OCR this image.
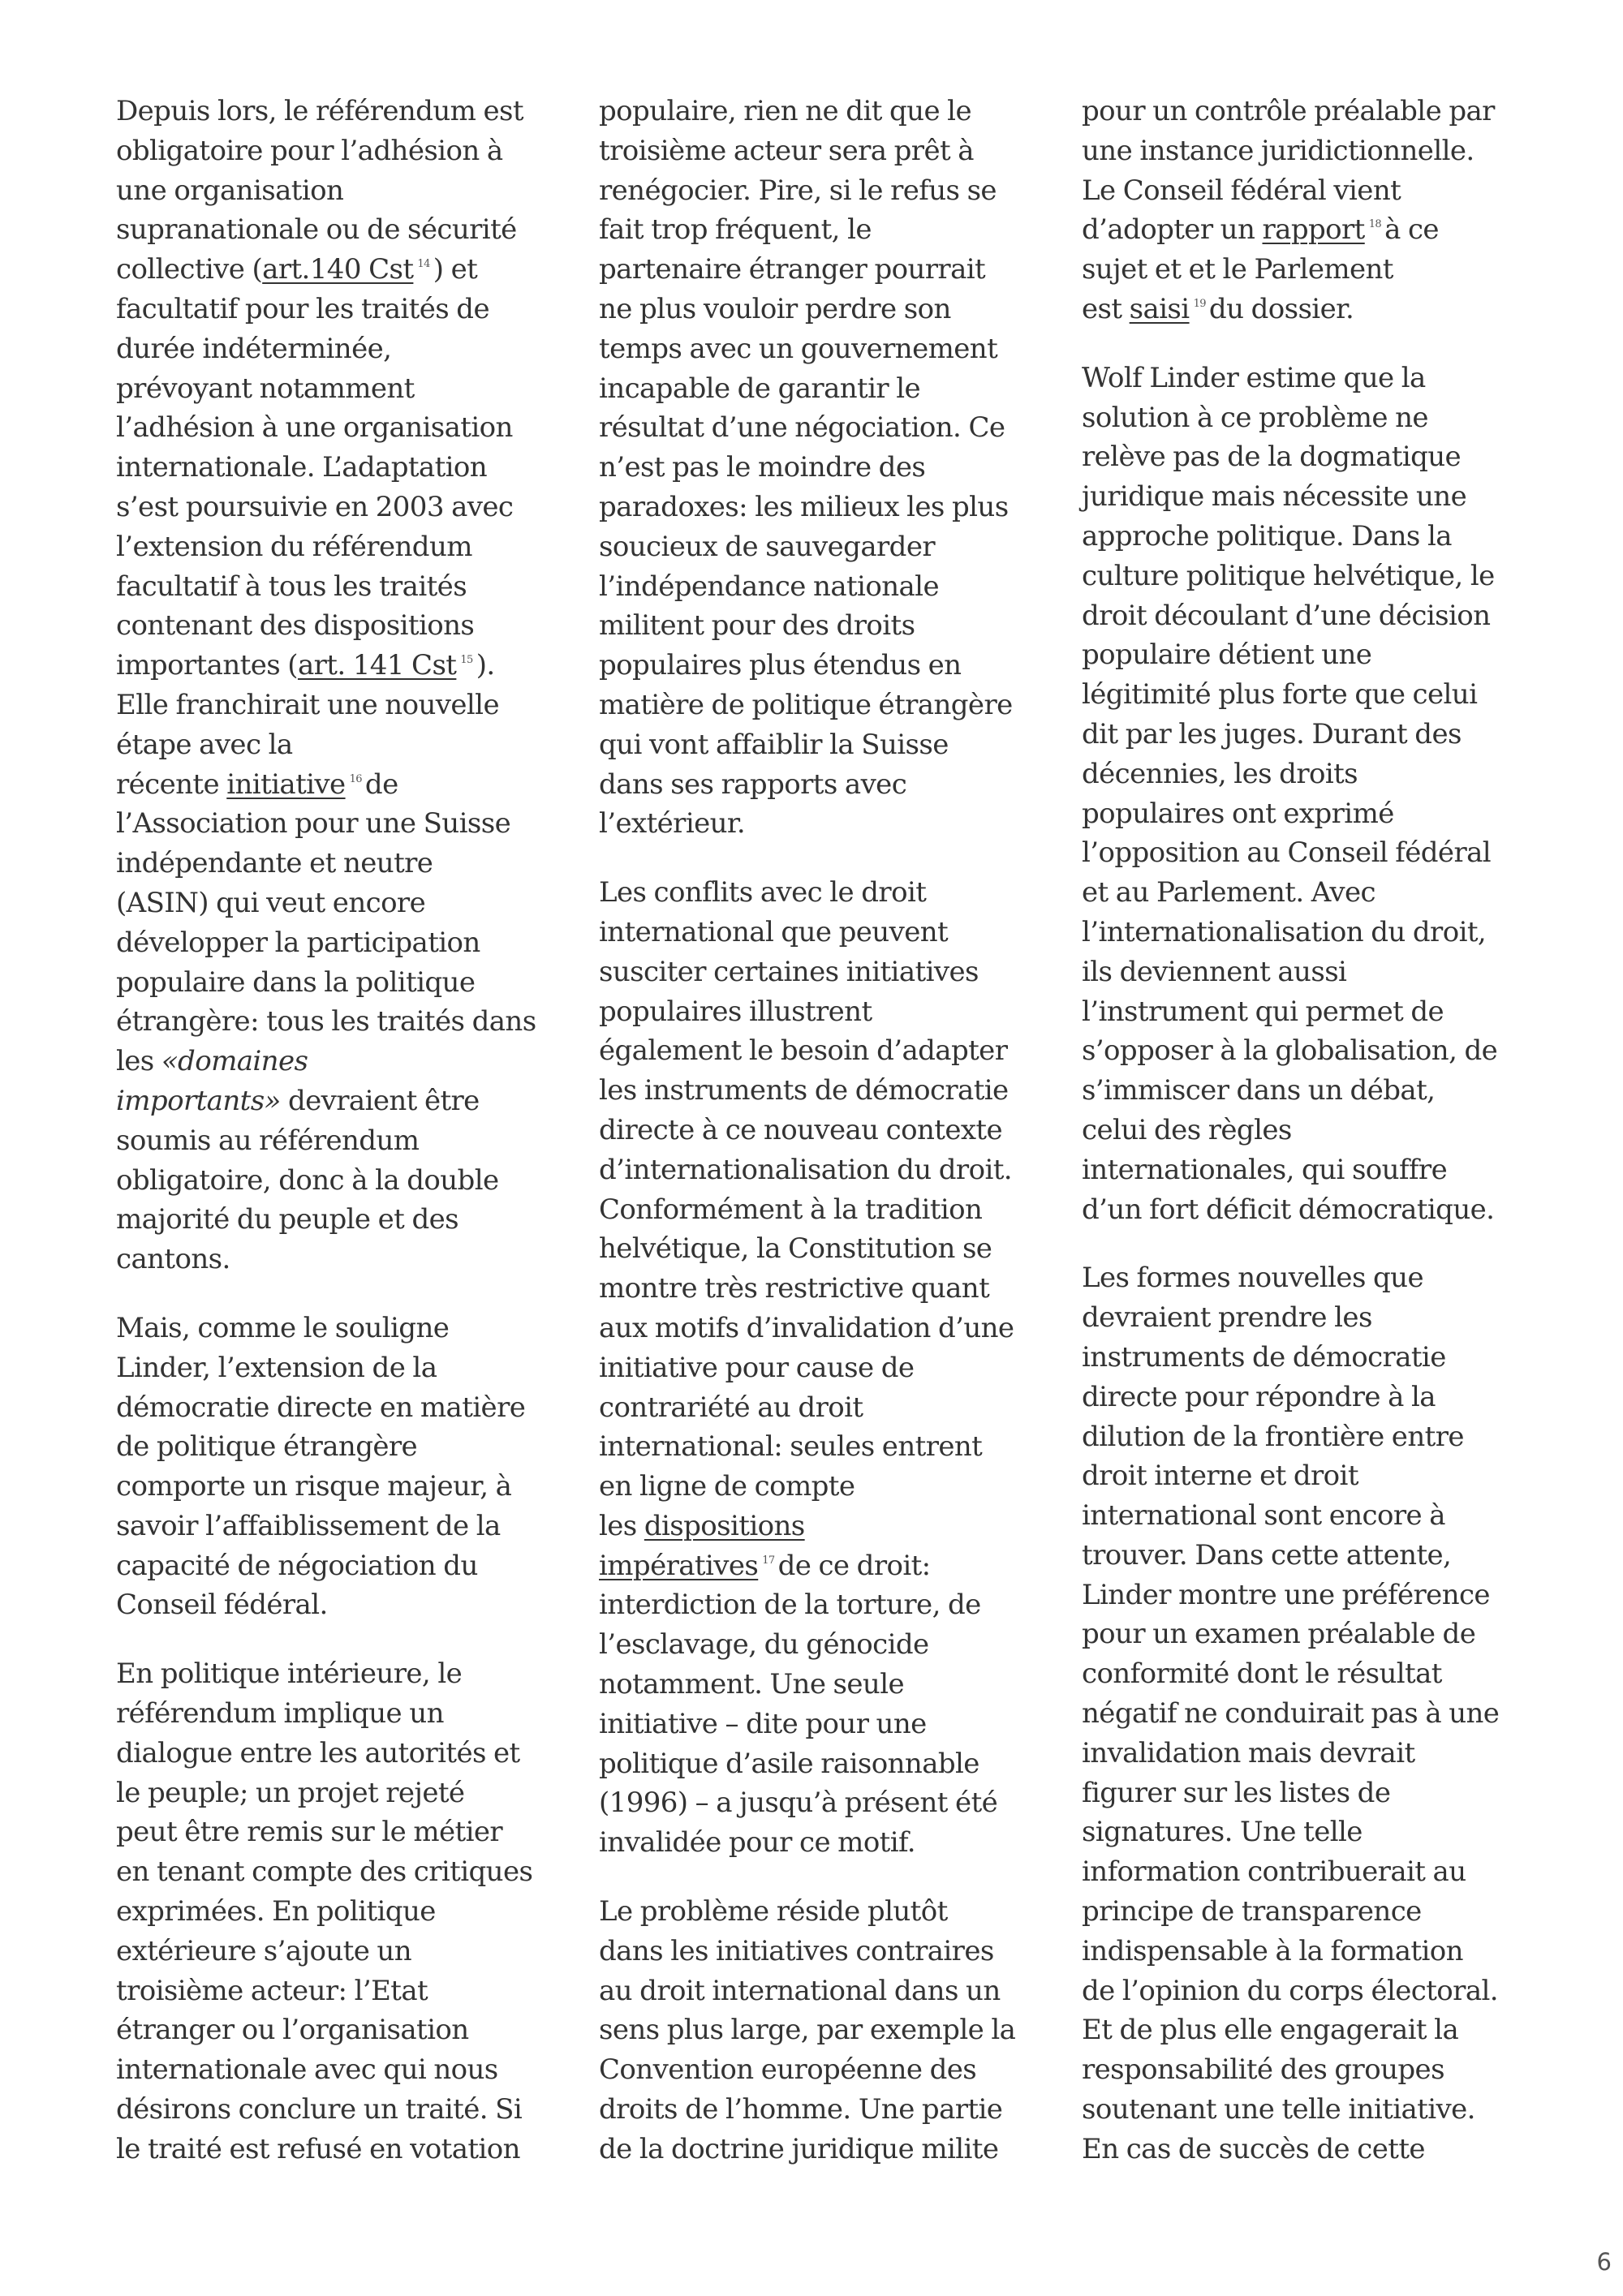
Depuis lors, le référendum est
obligatoire pour l’adhésion à
une organisation
supranationale ou de sécurité
collective (art.140 Cst $^{14}$ ) et
facultatif pour les traités de
durée indéterminée,
prévoyant notamment
l’adhésion à une organisation
internationale. L’adaptation
s’est poursuivie en 2003 avec
l’extension du référendum
facultatif à tous les traités
contenant des dispositions
importantes (art. 141 Cst $^{15}$ ).
Elle franchirait une nouvelle
étape avec la
récente initiative $^{16}$ de
l’Association pour une Suisse
indépendante et neutre
(ASIN) qui veut encore
développer la participation
populaire dans la politique
étrangère: tous les traités dans
les «domaines
importants» devraient être
soumis au référendum
obligatoire, donc à la double
majorité du peuple et des
cantons.
Mais, comme le souligne
Linder, l’extension de la
démocratie directe en matière
de politique étrangère
comporte un risque majeur, à
savoir l’affaiblissement de la
capacité de négociation du
Conseil fédéral.
En politique intérieure, le
référendum implique un
dialogue entre les autorités et
le peuple; un projet rejeté
peut être remis sur le métier
en tenant compte des critiques
exprimées. En politique
extérieure s’ajoute un
troisième acteur: l’Etat
étranger ou l’organisation
internationale avec qui nous
désirons conclure un traité. Si
le traité est refusé en votation
populaire, rien ne dit que le
troisième acteur sera prêt à
renégocier. Pire, si le refus se
fait trop fréquent, le
partenaire étranger pourrait
ne plus vouloir perdre son
temps avec un gouvernement
incapable de garantir le
résultat d’une négociation. Ce
n’est pas le moindre des
paradoxes: les milieux les plus
soucieux de sauvegarder
l’indépendance nationale
militent pour des droits
populaires plus étendus en
matière de politique étrangère
qui vont affaiblir la Suisse
dans ses rapports avec
l’extérieur.
Les conflits avec le droit
international que peuvent
susciter certaines initiatives
populaires illustrent
également le besoin d’adapter
les instruments de démocratie
directe à ce nouveau contexte
d’internationalisation du droit.
Conformément à la tradition
helvétique, la Constitution se
montre très restrictive quant
aux motifs d’invalidation d’une
initiative pour cause de
contrariété au droit
international: seules entrent
en ligne de compte
les dispositions
impératives $^{17}$ de ce droit:
interdiction de la torture, de
l’esclavage, du génocide
notamment. Une seule
initiative – dite pour une
politique d’asile raisonnable
(1996) – a jusqu’à présent été
invalidée pour ce motif.
Le problème réside plutôt
dans les initiatives contraires
au droit international dans un
sens plus large, par exemple la
Convention européenne des
droits de l’homme. Une partie
de la doctrine juridique milite
pour un contrôle préalable par
une instance juridictionnelle.
Le Conseil fédéral vient
d’adopter un rapport $^{18}$ à ce
sujet et et le Parlement
est saisi $^{19}$ du dossier.
Wolf Linder estime que la
solution à ce problème ne
relève pas de la dogmatique
juridique mais nécessite une
approche politique. Dans la
culture politique helvétique, le
droit découlant d’une décision
populaire détient une
légitimité plus forte que celui
dit par les juges. Durant des
décennies, les droits
populaires ont exprimé
l’opposition au Conseil fédéral
et au Parlement. Avec
l’internationalisation du droit,
ils deviennent aussi
l’instrument qui permet de
s’opposer à la globalisation, de
s’immiscer dans un débat,
celui des règles
internationales, qui souffre
d’un fort déficit démocratique.
Les formes nouvelles que
devraient prendre les
instruments de démocratie
directe pour répondre à la
dilution de la frontière entre
droit interne et droit
international sont encore à
trouver. Dans cette attente,
Linder montre une préférence
pour un examen préalable de
conformité dont le résultat
négatif ne conduirait pas à une
invalidation mais devrait
figurer sur les listes de
signatures. Une telle
information contribuerait au
principe de transparence
indispensable à la formation
de l’opinion du corps électoral.
Et de plus elle engagerait la
responsabilité des groupes
soutenant une telle initiative.
En cas de succès de cette
6
